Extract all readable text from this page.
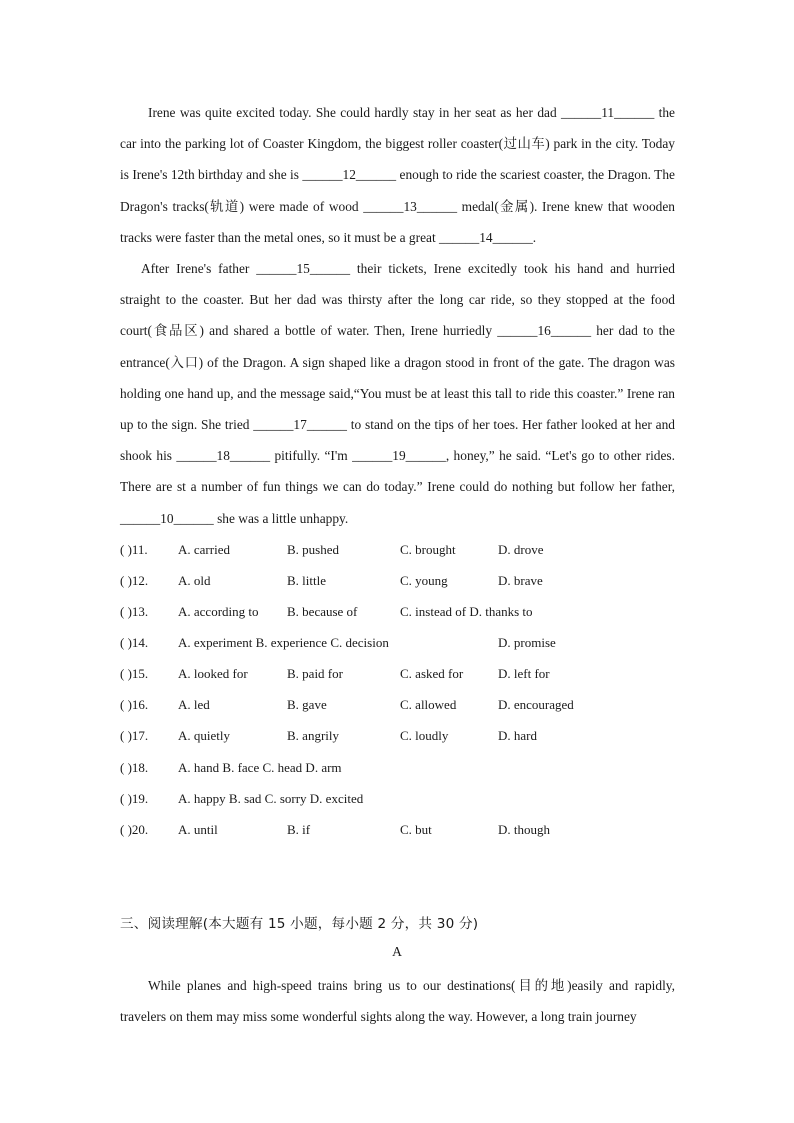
Irene was quite excited today. She could hardly stay in her seat as her dad ______11______ the car into the parking lot of Coaster Kingdom, the biggest roller coaster(过山车) park in the city. Today is Irene's 12th birthday and she is ______12______ enough to ride the scariest coaster, the Dragon. The Dragon's tracks(轨道) were made of wood ______13______ medal(金属). Irene knew that wooden tracks were faster than the metal ones, so it must be a great ______14______.

After Irene's father ______15______ their tickets, Irene excitedly took his hand and hurried straight to the coaster. But her dad was thirsty after the long car ride, so they stopped at the food court(食品区) and shared a bottle of water. Then, Irene hurriedly ______16______ her dad to the entrance(入口) of the Dragon. A sign shaped like a dragon stood in front of the gate. The dragon was holding one hand up, and the message said,“You must be at least this tall to ride this coaster.” Irene ran up to the sign. She tried ______17______ to stand on the tips of her toes. Her father looked at her and shook his ______18______ pitifully. “I'm ______19______, honey,” he said. “Let's go to other rides. There are st a number of fun things we can do today.” Irene could do nothing but follow her father, ______10______ she was a little unhappy.

( )11. A. carried	B. pushed	C. brought	D. drove
( )12. A. old	B. little	C. young	D. brave
( )13. A. according to B. because of	C. instead of D. thanks to
( )14. A. experiment B. experience C. decision	D. promise
( )15. A. looked for	B. paid for	C. asked for	D. left for
( )16. A. led	B. gave	C. allowed	D. encouraged
( )17. A. quietly	B. angrily	C. loudly	D. hard
( )18. A. hand B. face C. head D. arm
( )19. A. happy B. sad C. sorry D. excited
( )20. A. until	B. if	C. but	D. though
三、阅读理解(本大题有 15 小题，每小题 2 分，共 30 分)
A

While planes and high-speed trains bring us to our destinations(目的地)easily and rapidly, travelers on them may miss some wonderful sights along the way. However, a long train journey
